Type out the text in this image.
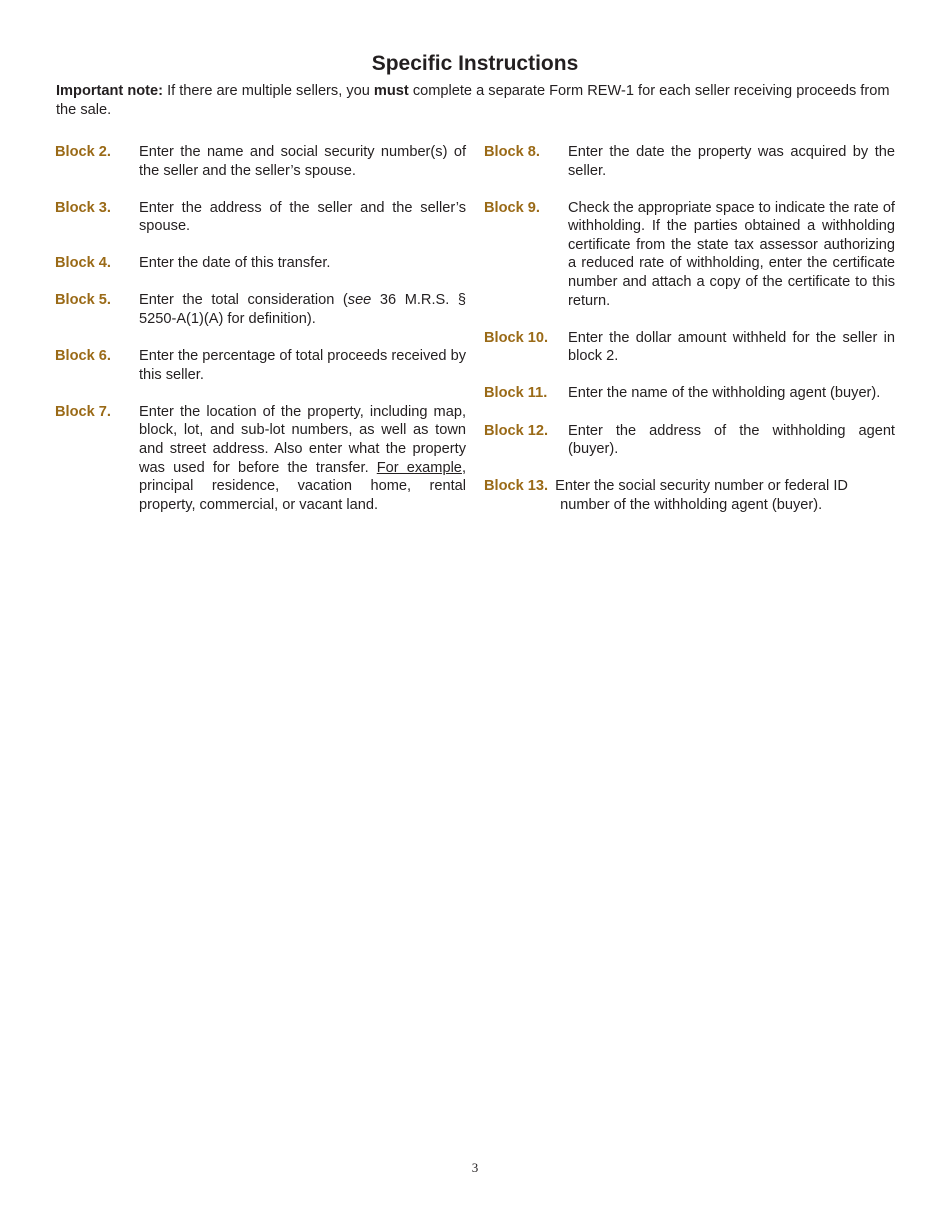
Specific Instructions

Important note: If there are multiple sellers, you must complete a separate Form REW-1 for each seller receiving proceeds from the sale.

Block 2.	Enter the name and social security number(s) of the seller and the seller’s spouse.
Block 3.	Enter the address of the seller and the seller’s spouse.
Block 4.	Enter the date of this transfer.
Block 5.	Enter the total consideration (see 36 M.R.S. § 5250-A(1)(A) for definition).
Block 6.	Enter the percentage of total proceeds received by this seller.
Block 7.	Enter the location of the property, including map, block, lot, and sub-lot numbers, as well as town and street address. Also enter what the property was used for before the transfer. For example, principal residence, vacation home, rental property, commercial, or vacant land.
Block 8.	Enter the date the property was acquired by the seller.
Block 9.	Check the appropriate space to indicate the rate of withholding. If the parties obtained a withholding certificate from the state tax assessor authorizing a reduced rate of withholding, enter the certificate number and attach a copy of the certificate to this return.
Block 10.	Enter the dollar amount withheld for the seller in block 2.
Block 11.	Enter the name of the withholding agent (buyer).
Block 12.	Enter the address of the withholding agent (buyer).
Block 13. Enter the social security number or federal ID
number of the withholding agent (buyer).
3
